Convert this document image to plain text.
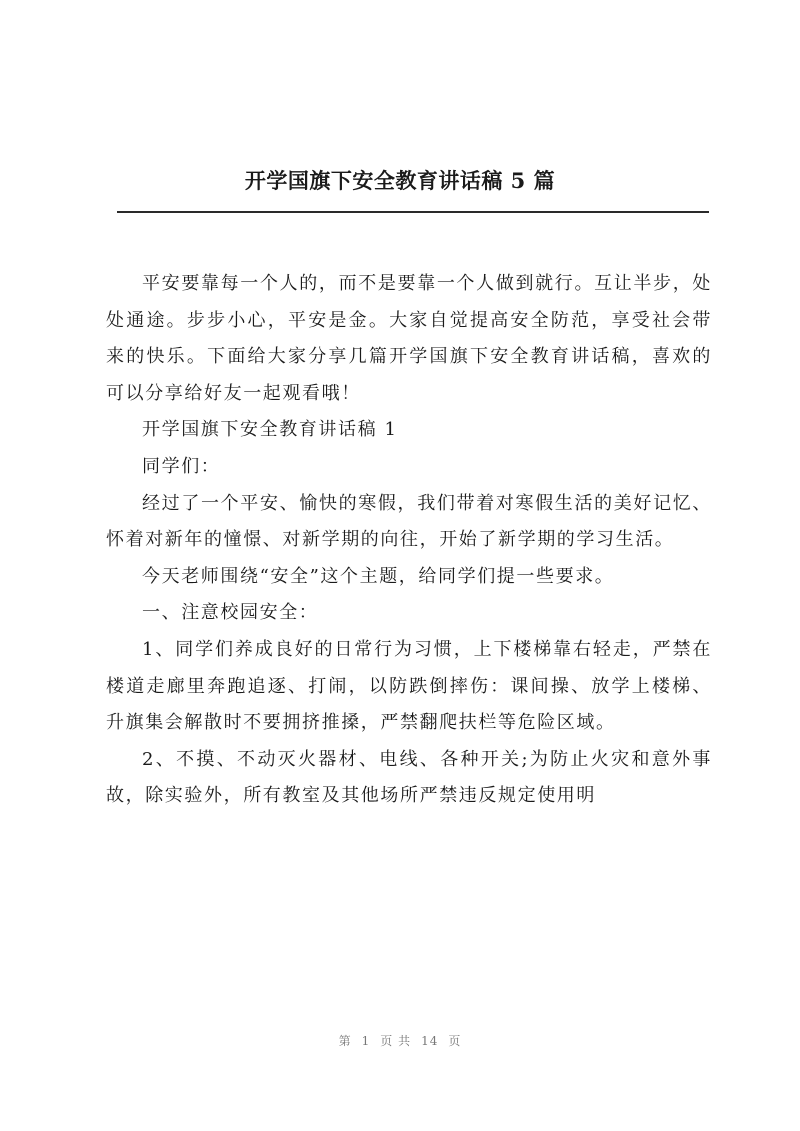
开学国旗下安全教育讲话稿 5 篇

平安要靠每一个人的，而不是要靠一个人做到就行。互让半步，处处通途。步步小心，平安是金。大家自觉提高安全防范，享受社会带来的快乐。下面给大家分享几篇开学国旗下安全教育讲话稿，喜欢的可以分享给好友一起观看哦！

开学国旗下安全教育讲话稿 1

同学们：

经过了一个平安、愉快的寒假，我们带着对寒假生活的美好记忆、怀着对新年的憧憬、对新学期的向往，开始了新学期的学习生活。

今天老师围绕“安全”这个主题，给同学们提一些要求。

一、注意校园安全：

1、同学们养成良好的日常行为习惯，上下楼梯靠右轻走，严禁在楼道走廊里奔跑追逐、打闹，以防跌倒摔伤：课间操、放学上楼梯、升旗集会解散时不要拥挤推搡，严禁翻爬扶栏等危险区域。

2、不摸、不动灭火器材、电线、各种开关;为防止火灾和意外事故，除实验外，所有教室及其他场所严禁违反规定使用明

第 1 页 共 14 页
